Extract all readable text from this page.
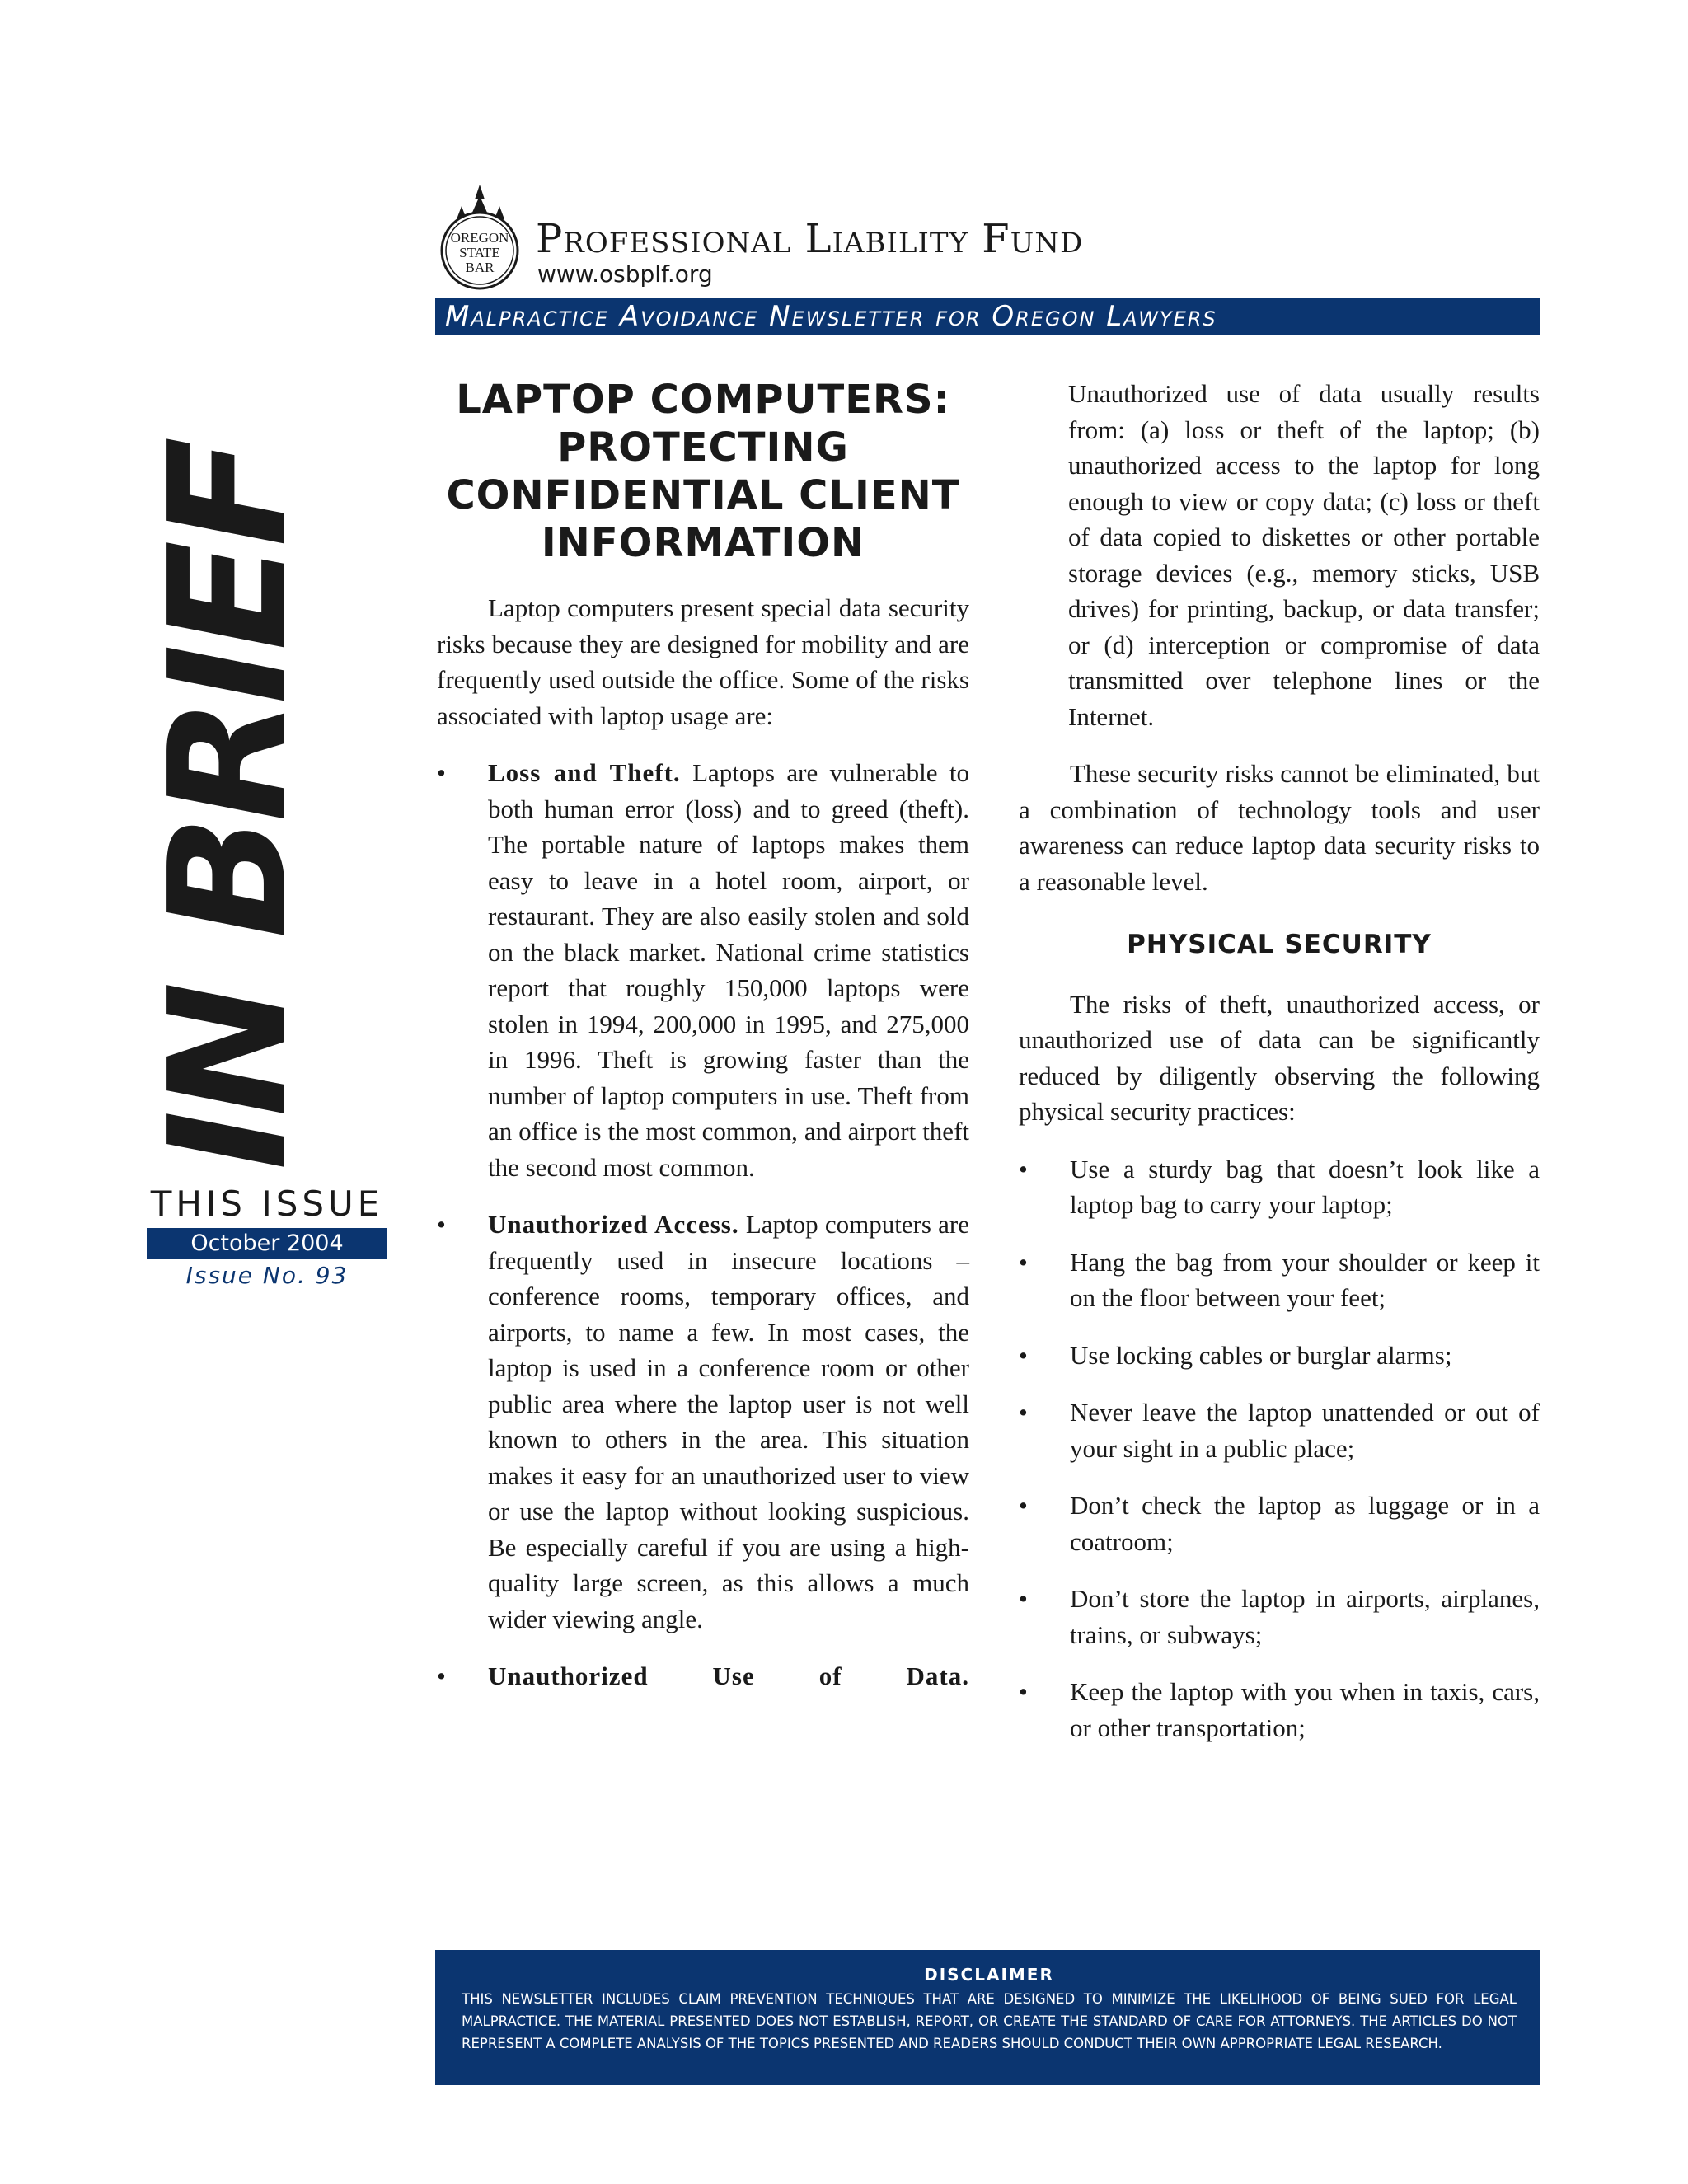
IN BRIEF
THIS ISSUE
October 2004
Issue No. 93
OREGON
STATE
BAR
Professional Liability Fund
www.osbplf.org
Malpractice Avoidance Newsletter for Oregon Lawyers
LAPTOP COMPUTERS:
PROTECTING
CONFIDENTIAL CLIENT
INFORMATION

Laptop computers present special data security risks because they are designed for mobility and are frequently used outside the office. Some of the risks associated with laptop usage are:

• Loss and Theft. Laptops are vulnerable to both human error (loss) and to greed (theft). The portable nature of laptops makes them easy to leave in a hotel room, airport, or restaurant. They are also easily stolen and sold on the black market. National crime statistics report that roughly 150,000 laptops were stolen in 1994, 200,000 in 1995, and 275,000 in 1996. Theft is growing faster than the number of laptop computers in use. Theft from an office is the most common, and airport theft the second most common.
• Unauthorized Access. Laptop computers are frequently used in insecure locations – conference rooms, temporary offices, and airports, to name a few. In most cases, the laptop is used in a conference room or other public area where the laptop user is not well known to others in the area. This situation makes it easy for an unauthorized user to view or use the laptop without looking suspicious. Be especially careful if you are using a high-quality large screen, as this allows a much wider viewing angle.
• Unauthorized Use of Data.

Unauthorized use of data usually results from: (a) loss or theft of the laptop; (b) unauthorized access to the laptop for long enough to view or copy data; (c) loss or theft of data copied to diskettes or other portable storage devices (e.g., memory sticks, USB drives) for printing, backup, or data transfer; or (d) interception or compromise of data transmitted over telephone lines or the Internet.

These security risks cannot be eliminated, but a combination of technology tools and user awareness can reduce laptop data security risks to a reasonable level.

PHYSICAL SECURITY

The risks of theft, unauthorized access, or unauthorized use of data can be significantly reduced by diligently observing the following physical security practices:

• Use a sturdy bag that doesn’t look like a laptop bag to carry your laptop;
• Hang the bag from your shoulder or keep it on the floor between your feet;
• Use locking cables or burglar alarms;
• Never leave the laptop unattended or out of your sight in a public place;
• Don’t check the laptop as luggage or in a coatroom;
• Don’t store the laptop in airports, airplanes, trains, or subways;
• Keep the laptop with you when in taxis, cars, or other transportation;
DISCLAIMER
THIS NEWSLETTER INCLUDES CLAIM PREVENTION TECHNIQUES THAT ARE DESIGNED TO MINIMIZE THE LIKELIHOOD OF BEING SUED FOR LEGAL MALPRACTICE. THE MATERIAL PRESENTED DOES NOT ESTABLISH, REPORT, OR CREATE THE STANDARD OF CARE FOR ATTORNEYS. THE ARTICLES DO NOT REPRESENT A COMPLETE ANALYSIS OF THE TOPICS PRESENTED AND READERS SHOULD CONDUCT THEIR OWN APPROPRIATE LEGAL RESEARCH.
